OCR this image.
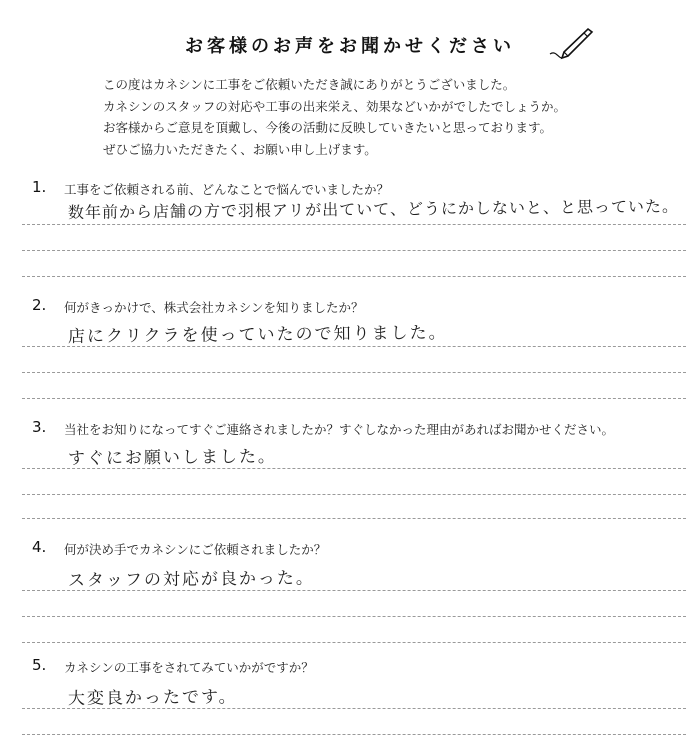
お客様のお声をお聞かせください
この度はカネシンに工事をご依頼いただき誠にありがとうございました。
カネシンのスタッフの対応や工事の出来栄え、効果などいかがでしたでしょうか。
お客様からご意見を頂戴し、今後の活動に反映していきたいと思っております。
ぜひご協力いただきたく、お願い申し上げます。
1. 工事をご依頼される前、どんなことで悩んでいましたか？
数年前から店舗の方で羽根アリが出ていて、どうにかしないと、と思っていた。
2. 何がきっかけで、株式会社カネシンを知りましたか？
店にクリクラを使っていたので知りました。
3. 当社をお知りになってすぐご連絡されましたか？すぐしなかった理由があればお聞かせください。
すぐにお願いしました。
4. 何が決め手でカネシンにご依頼されましたか？
スタッフの対応が良かった。
5. カネシンの工事をされてみていかがですか？
大変良かったです。
